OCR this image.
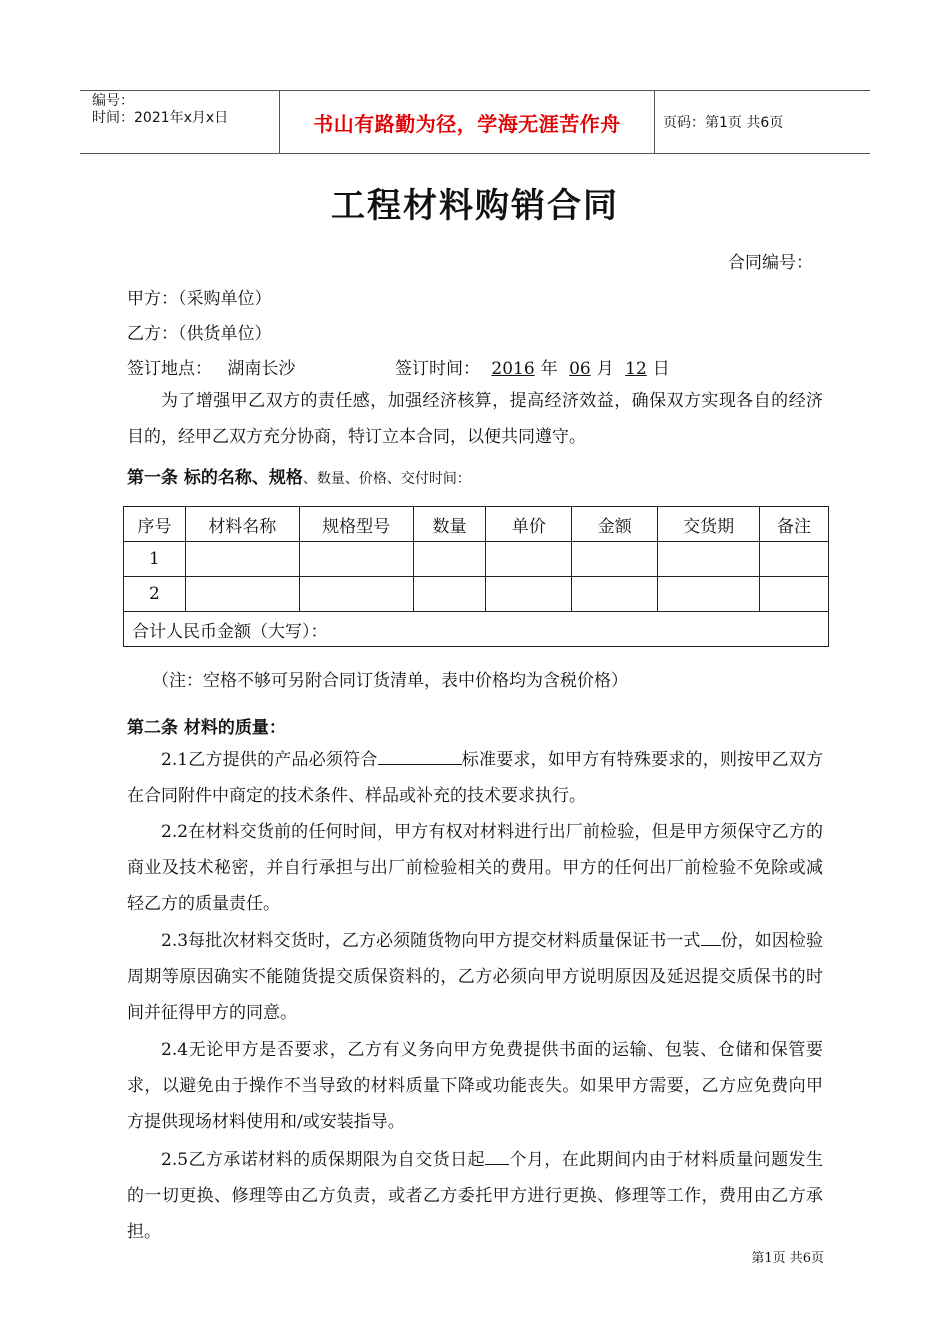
编号：
时间：2021年x月x日	书山有路勤为径，学海无涯苦作舟	页码：第1页 共6页
工程材料购销合同
合同编号：
甲方：（采购单位）
乙方：（供货单位）
签订地点： 湖南长沙	签订时间： 2016 年 06 月 12 日
为了增强甲乙双方的责任感，加强经济核算，提高经济效益，确保双方实现各自的经济目的，经甲乙双方充分协商，特订立本合同，以便共同遵守。
第一条 标的名称、规格、数量、价格、交付时间：
序号	材料名称	规格型号	数量	单价	金额	交货期	备注
1							
2							
合计人民币金额（大写）：							
（注：空格不够可另附合同订货清单，表中价格均为含税价格）
第二条 材料的质量：
2.1乙方提供的产品必须符合	标准要求，如甲方有特殊要求的，则按甲乙双方在合同附件中商定的技术条件、样品或补充的技术要求执行。
2.2在材料交货前的任何时间，甲方有权对材料进行出厂前检验，但是甲方须保守乙方的商业及技术秘密，并自行承担与出厂前检验相关的费用。甲方的任何出厂前检验不免除或减轻乙方的质量责任。
2.3每批次材料交货时，乙方必须随货物向甲方提交材料质量保证书一式 份，如因检验周期等原因确实不能随货提交质保资料的，乙方必须向甲方说明原因及延迟提交质保书的时间并征得甲方的同意。
2.4无论甲方是否要求，乙方有义务向甲方免费提供书面的运输、包装、仓储和保管要求，以避免由于操作不当导致的材料质量下降或功能丧失。如果甲方需要，乙方应免费向甲方提供现场材料使用和/或安装指导。
2.5乙方承诺材料的质保期限为自交货日起 个月，在此期间内由于材料质量问题发生的一切更换、修理等由乙方负责，或者乙方委托甲方进行更换、修理等工作，费用由乙方承担。
第1页 共6页
